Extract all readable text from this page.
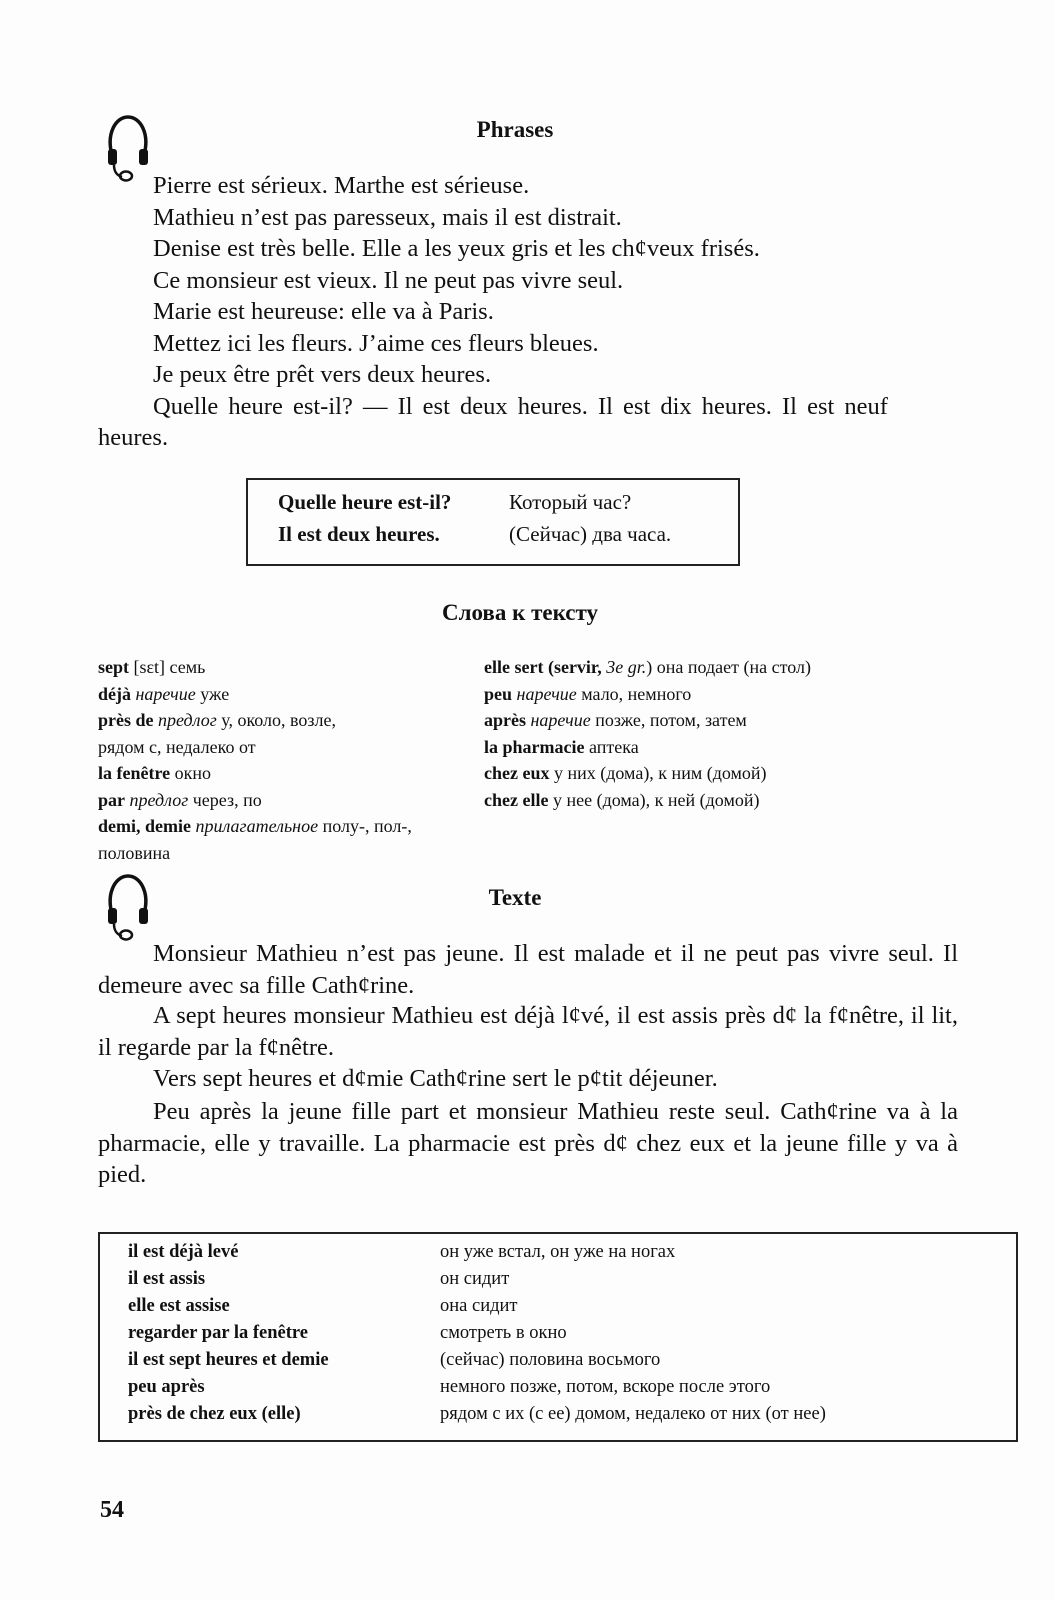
Phrases
Pierre est sérieux. Marthe est sérieuse.
Mathieu n’est pas paresseux, mais il est distrait.
Denise est très belle. Elle a les yeux gris et les ch¢veux frisés.
Ce monsieur est vieux. Il ne peut pas vivre seul.
Marie est heureuse: elle va à Paris.
Mettez ici les fleurs. J’aime ces fleurs bleues.
Je peux être prêt vers deux heures.
Quelle heure est-il? — Il est deux heures. Il est dix heures. Il est neuf
heures.
Quelle heure est-il?	Который час?
Il est deux heures.	(Сейчас) два часа.
Слова к тексту
sept [sɛt] семь
déjà наречие уже
près de предлог у, около, возле,
рядом с, недалеко от
la fenêtre окно
par предлог через, по
demi, demie прилагательное полу-, пол-,
половина
elle sert (servir, 3e gr.) она подает (на стол)
peu наречие мало, немного
après наречие позже, потом, затем
la pharmacie аптека
chez eux у них (дома), к ним (домой)
chez elle у нее (дома), к ней (домой)
Texte
Monsieur Mathieu n’est pas jeune. Il est malade et il ne peut pas vivre seul. Il demeure avec sa fille Cath¢rine.
A sept heures monsieur Mathieu est déjà l¢vé, il est assis près d¢ la f¢nêtre, il lit, il regarde par la f¢nêtre.
Vers sept heures et d¢mie Cath¢rine sert le p¢tit déjeuner.
Peu après la jeune fille part et monsieur Mathieu reste seul. Cath¢rine va à la pharmacie, elle y travaille. La pharmacie est près d¢ chez eux et la jeune fille y va à pied.
il est déjà levé	он уже встал, он уже на ногах
il est assis	он сидит
elle est assise	она сидит
regarder par la fenêtre	смотреть в окно
il est sept heures et demie	(сейчас) половина восьмого
peu après	немного позже, потом, вскоре после этого
près de chez eux (elle)	рядом с их (с ее) домом, недалеко от них (от нее)
54
